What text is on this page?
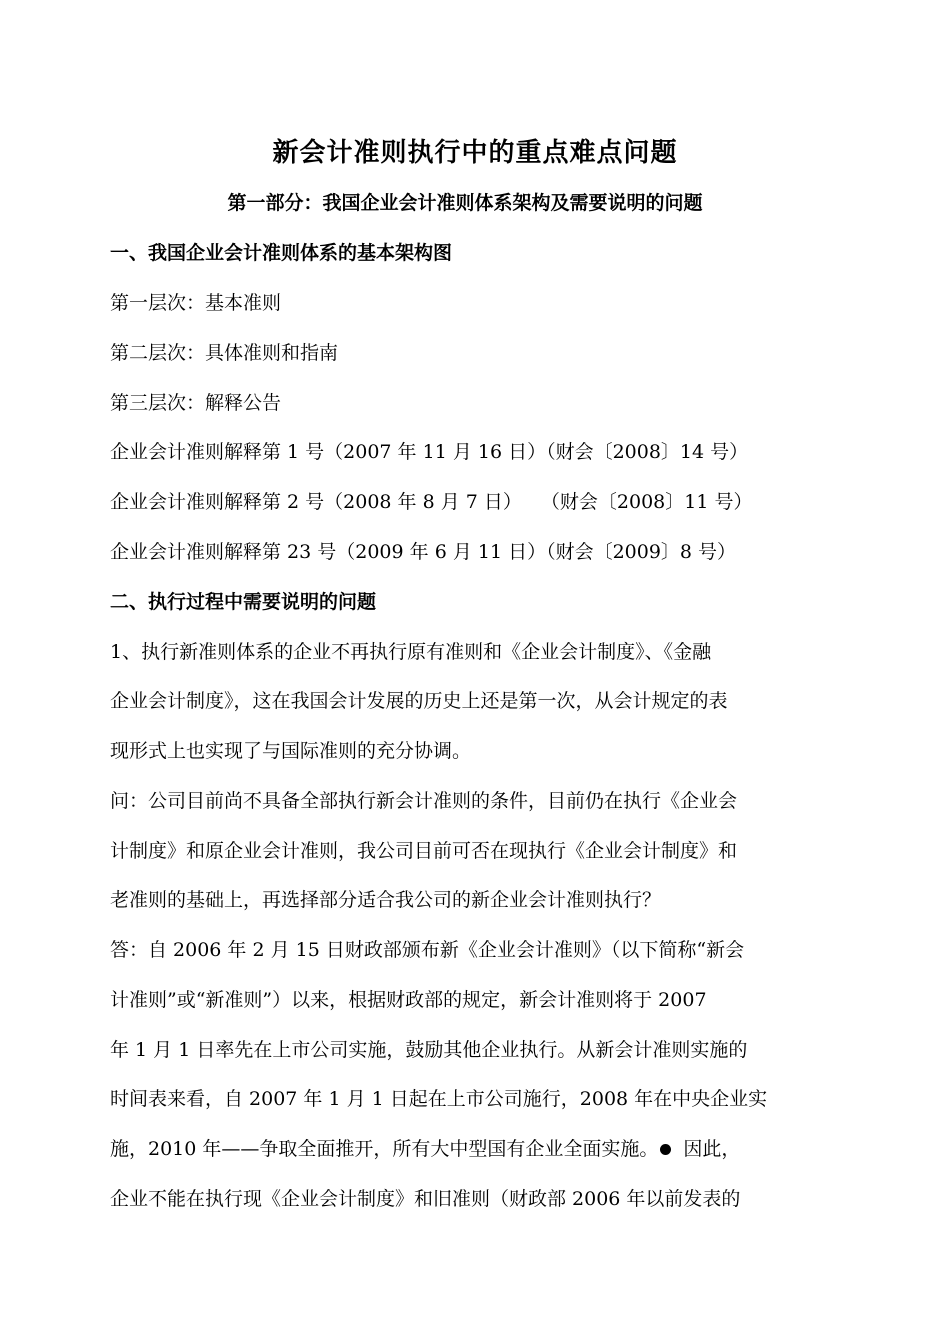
新会计准则执行中的重点难点问题
第一部分：我国企业会计准则体系架构及需要说明的问题
一、我国企业会计准则体系的基本架构图
第一层次：基本准则
第二层次：具体准则和指南
第三层次：解释公告
企业会计准则解释第 1 号（2007 年 11 月 16 日）（财会〔2008〕14 号）
企业会计准则解释第 2 号（2008 年 8 月 7 日）　　（财会〔2008〕11 号）
企业会计准则解释第 23 号（2009 年 6 月 11 日）（财会〔2009〕8 号）
二、执行过程中需要说明的问题
1、执行新准则体系的企业不再执行原有准则和《企业会计制度》、《金融
企业会计制度》，这在我国会计发展的历史上还是第一次，从会计规定的表
现形式上也实现了与国际准则的充分协调。
问：公司目前尚不具备全部执行新会计准则的条件，目前仍在执行《企业会
计制度》和原企业会计准则，我公司目前可否在现执行《企业会计制度》和
老准则的基础上，再选择部分适合我公司的新企业会计准则执行？
答：自 2006 年 2 月 15 日财政部颁布新《企业会计准则》（以下简称“新会
计准则”或“新准则”）以来，根据财政部的规定，新会计准则将于 2007
年 1 月 1 日率先在上市公司实施，鼓励其他企业执行。从新会计准则实施的
时间表来看，自 2007 年 1 月 1 日起在上市公司施行，2008 年在中央企业实
施，2010 年——争取全面推开，所有大中型国有企业全面实施。 因此，
企业不能在执行现《企业会计制度》和旧准则（财政部 2006 年以前发表的
